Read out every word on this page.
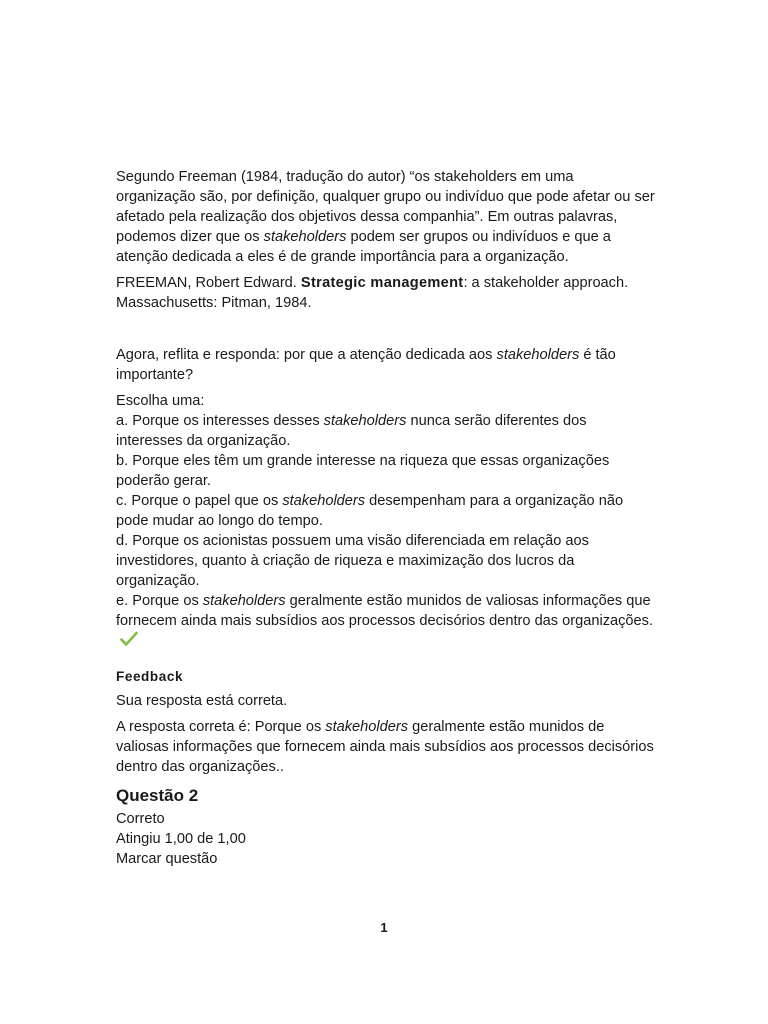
Segundo Freeman (1984, tradução do autor) “os stakeholders em uma organização são, por definição, qualquer grupo ou indivíduo que pode afetar ou ser afetado pela realização dos objetivos dessa companhia”. Em outras palavras, podemos dizer que os stakeholders podem ser grupos ou indivíduos e que a atenção dedicada a eles é de grande importância para a organização.

FREEMAN, Robert Edward. Strategic management: a stakeholder approach. Massachusetts: Pitman, 1984.

Agora, reflita e responda: por que a atenção dedicada aos stakeholders é tão importante?

Escolha uma:
a. Porque os interesses desses stakeholders nunca serão diferentes dos interesses da organização.
b. Porque eles têm um grande interesse na riqueza que essas organizações poderão gerar.
c. Porque o papel que os stakeholders desempenham para a organização não pode mudar ao longo do tempo.
d. Porque os acionistas possuem uma visão diferenciada em relação aos investidores, quanto à criação de riqueza e maximização dos lucros da organização.
e. Porque os stakeholders geralmente estão munidos de valiosas informações que fornecem ainda mais subsídios aos processos decisórios dentro das organizações.
Feedback

Sua resposta está correta.

A resposta correta é: Porque os stakeholders geralmente estão munidos de valiosas informações que fornecem ainda mais subsídios aos processos decisórios dentro das organizações..

Questão 2
Correto
Atingiu 1,00 de 1,00
Marcar questão
1
